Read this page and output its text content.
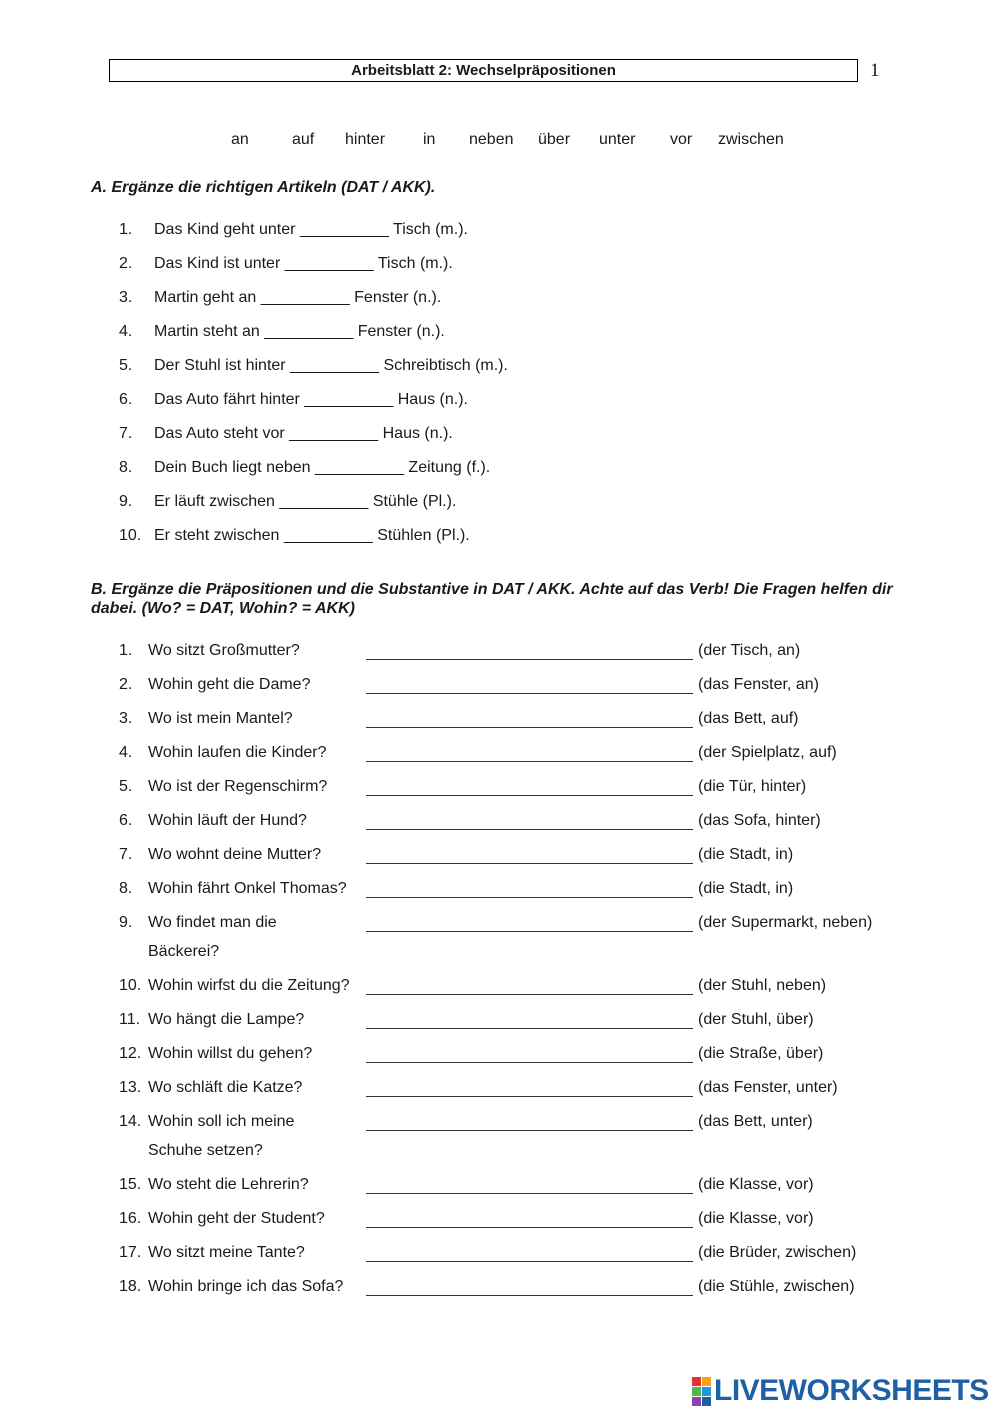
Arbeitsblatt 2: Wechselpräpositionen	1
an	auf hinter in neben über unter vor zwischen
A. Ergänze die richtigen Artikeln (DAT / AKK).
1. Das Kind geht unter __________ Tisch (m.).
2. Das Kind ist unter __________ Tisch (m.).
3. Martin geht an __________ Fenster (n.).
4. Martin steht an __________ Fenster (n.).
5. Der Stuhl ist hinter __________ Schreibtisch (m.).
6. Das Auto fährt hinter __________ Haus (n.).
7. Das Auto steht vor __________ Haus (n.).
8. Dein Buch liegt neben __________ Zeitung (f.).
9. Er läuft zwischen __________ Stühle (Pl.).
10. Er steht zwischen __________ Stühlen (Pl.).
B. Ergänze die Präpositionen und die Substantive in DAT / AKK. Achte auf das Verb! Die Fragen helfen dir dabei. (Wo? = DAT, Wohin? = AKK)
1. Wo sitzt Großmutter?	(der Tisch, an)
2. Wohin geht die Dame?	(das Fenster, an)
3. Wo ist mein Mantel?	(das Bett, auf)
4. Wohin laufen die Kinder?	(der Spielplatz, auf)
5. Wo ist der Regenschirm?	(die Tür, hinter)
6. Wohin läuft der Hund?	(das Sofa, hinter)
7. Wo wohnt deine Mutter?	(die Stadt, in)
8. Wohin fährt Onkel Thomas?	(die Stadt, in)
9. Wo findet man die Bäckerei?
(der Supermarkt, neben)
10. Wohin wirfst du die Zeitung?	(der Stuhl, neben)
11. Wo hängt die Lampe?	(der Stuhl, über)
12. Wohin willst du gehen?	(die Straße, über)
13. Wo schläft die Katze?	(das Fenster, unter)
14. Wohin soll ich meine Schuhe setzen?
(das Bett, unter)
15. Wo steht die Lehrerin?	(die Klasse, vor)
16. Wohin geht der Student?	(die Klasse, vor)
17. Wo sitzt meine Tante?	(die Brüder, zwischen)
18. Wohin bringe ich das Sofa?	(die Stühle, zwischen)
LIVEWORKSHEETS
